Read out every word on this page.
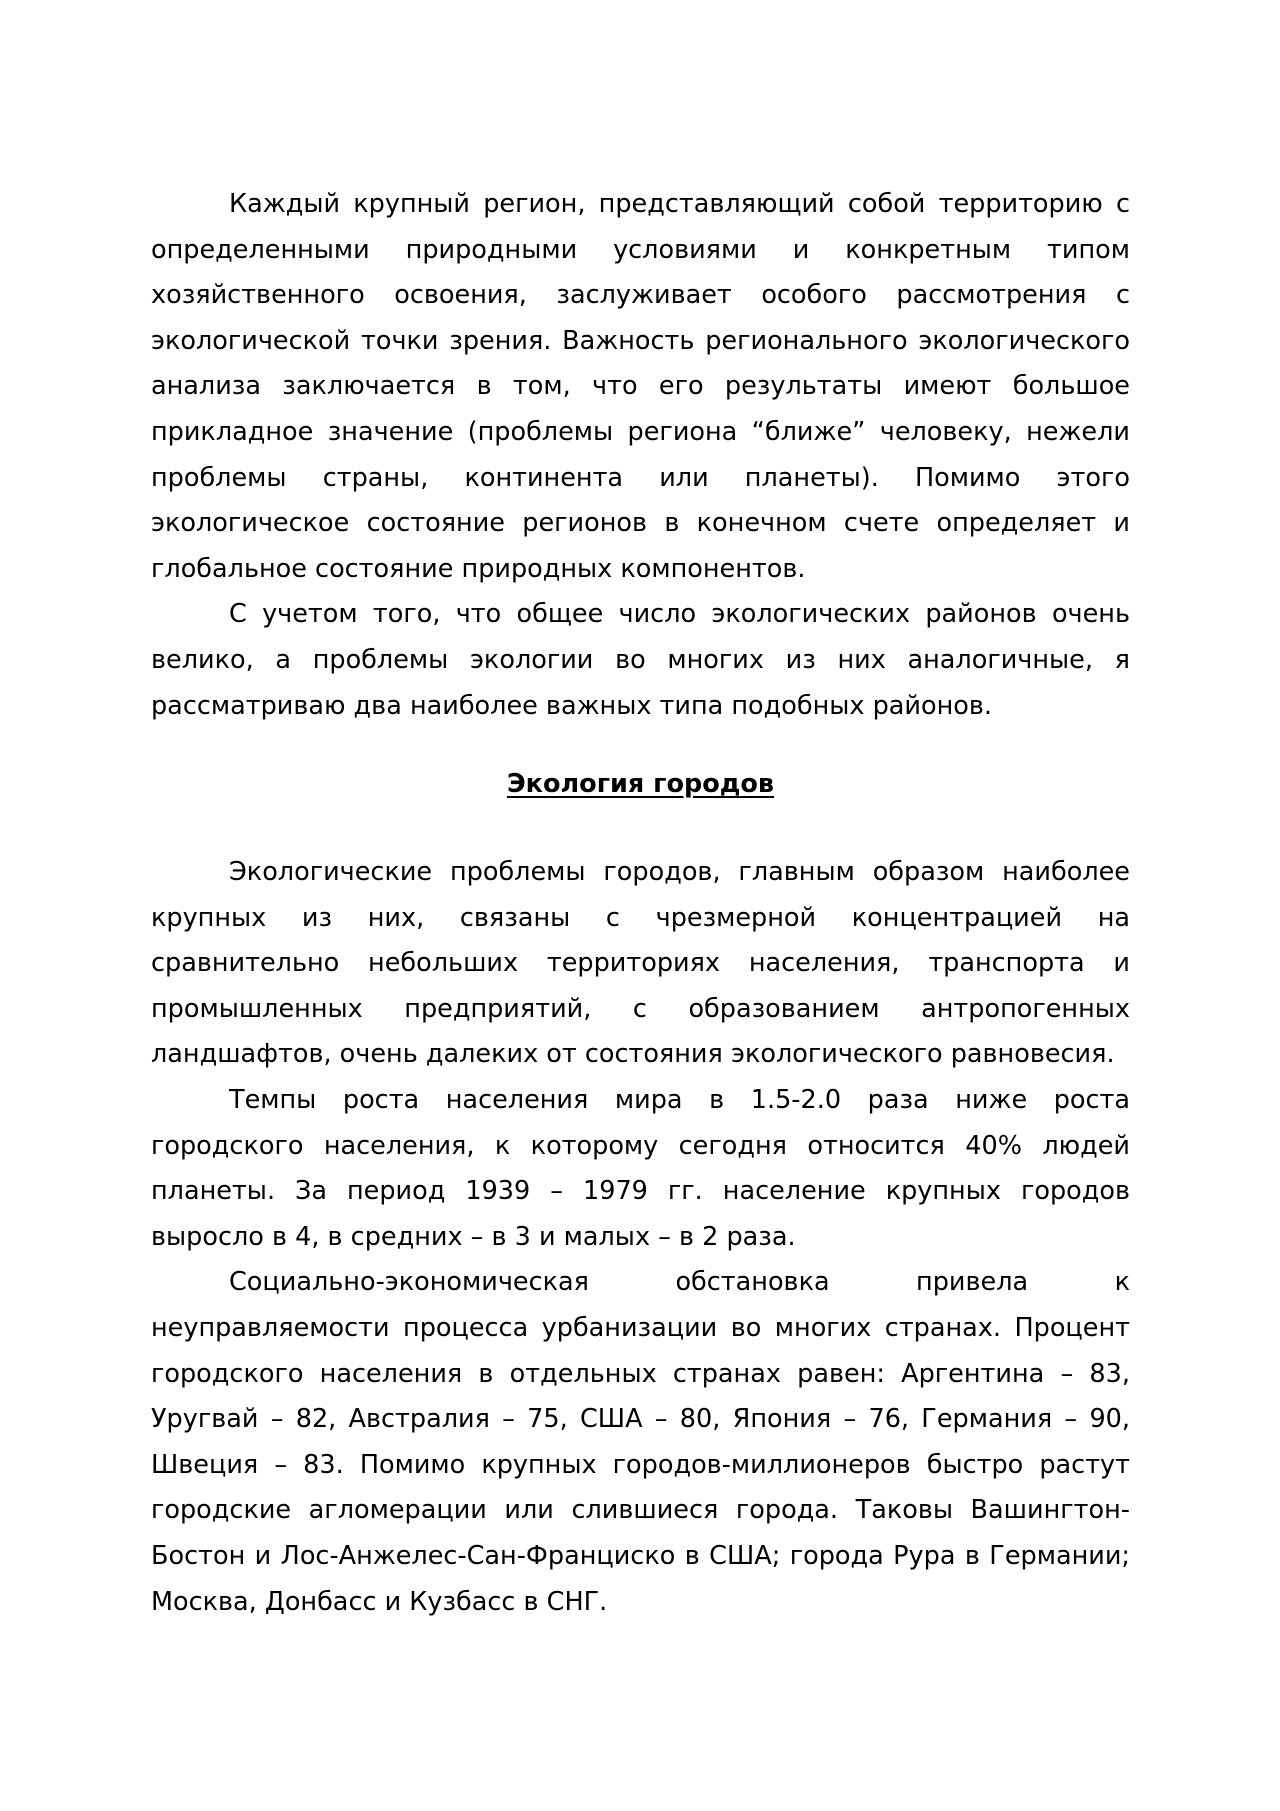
Каждый крупный регион, представляющий собой территорию с определенными природными условиями и конкретным типом хозяйственного освоения, заслуживает особого рассмотрения с экологической точки зрения. Важность регионального экологического анализа заключается в том, что его результаты имеют большое прикладное значение (проблемы региона “ближе” человеку, нежели проблемы страны, континента или планеты). Помимо этого экологическое состояние регионов в конечном счете определяет и глобальное состояние природных компонентов.

С учетом того, что общее число экологических районов очень велико, а проблемы экологии во многих из них аналогичные, я рассматриваю два наиболее важных типа подобных районов.

Экология городов

Экологические проблемы городов, главным образом наиболее крупных из них, связаны с чрезмерной концентрацией на сравнительно небольших территориях населения, транспорта и промышленных предприятий, с образованием антропогенных ландшафтов, очень далеких от состояния экологического равновесия.

Темпы роста населения мира в 1.5-2.0 раза ниже роста городского населения, к которому сегодня относится 40% людей планеты. За период 1939 – 1979 гг. население крупных городов выросло в 4, в средних – в 3 и малых – в 2 раза.

Социально-экономическая обстановка привела к неуправляемости процесса урбанизации во многих странах. Процент городского населения в отдельных странах равен: Аргентина – 83, Уругвай – 82, Австралия – 75, США – 80, Япония – 76, Германия – 90, Швеция – 83. Помимо крупных городов-миллионеров быстро растут городские агломерации или слившиеся города. Таковы Вашингтон-Бостон и Лос-Анжелес-Сан-Франциско в США; города Рура в Германии; Москва, Донбасс и Кузбасс в СНГ.
